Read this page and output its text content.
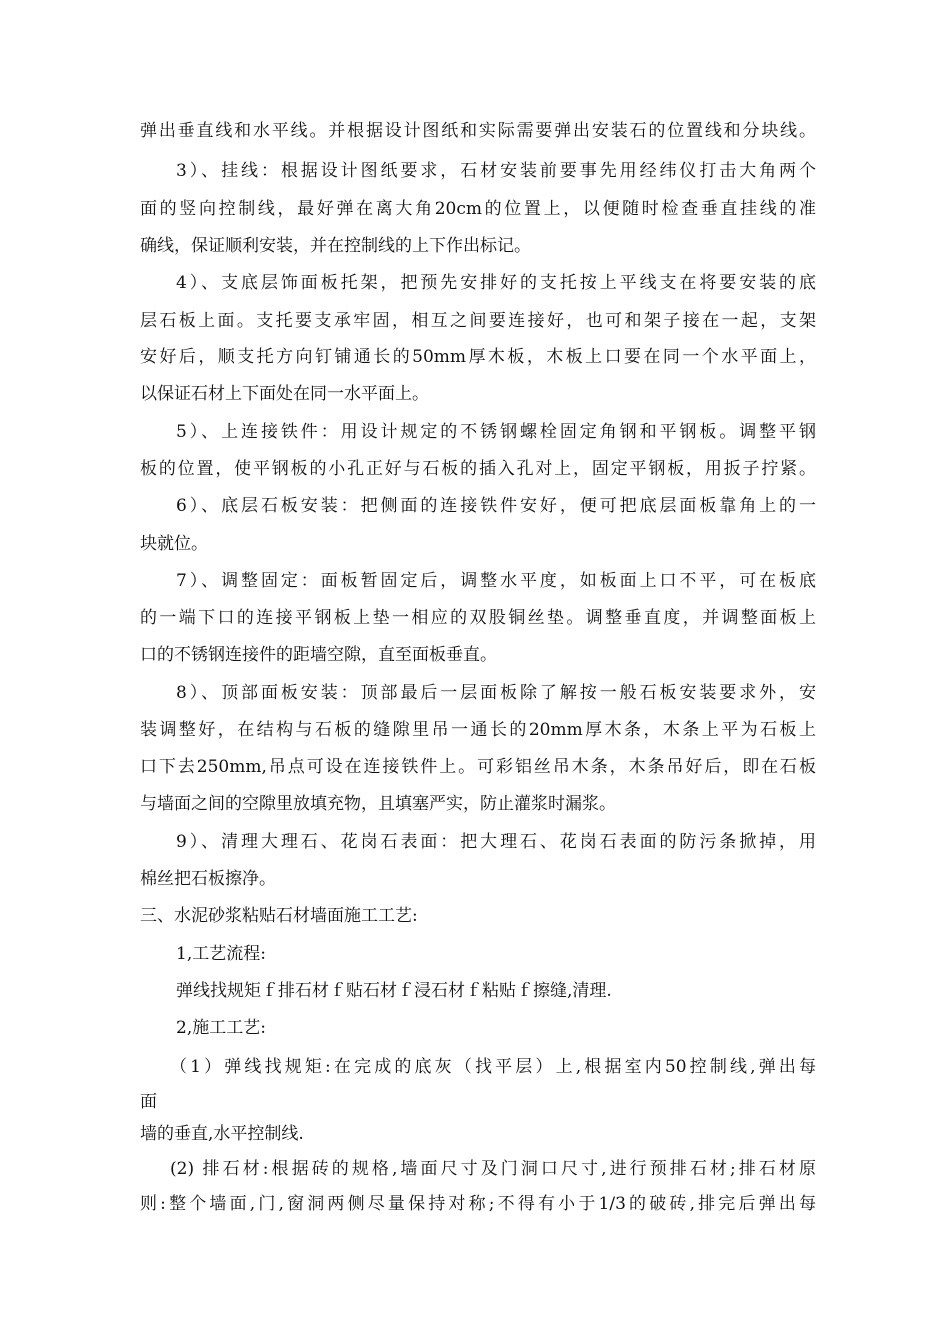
弹出垂直线和水平线。并根据设计图纸和实际需要弹出安装石的位置线和分块线。

3）、挂线：根据设计图纸要求，石材安装前要事先用经纬仪打击大角两个

面的竖向控制线，最好弹在离大角20cm的位置上，以便随时检查垂直挂线的准

确线，保证顺利安装，并在控制线的上下作出标记。

4）、支底层饰面板托架，把预先安排好的支托按上平线支在将要安装的底

层石板上面。支托要支承牢固，相互之间要连接好，也可和架子接在一起，支架

安好后，顺支托方向钉铺通长的50mm厚木板，木板上口要在同一个水平面上，

以保证石材上下面处在同一水平面上。

5）、上连接铁件：用设计规定的不锈钢螺栓固定角钢和平钢板。调整平钢

板的位置，使平钢板的小孔正好与石板的插入孔对上，固定平钢板，用扳子拧紧。

6）、底层石板安装：把侧面的连接铁件安好，便可把底层面板靠角上的一

块就位。

7）、调整固定：面板暂固定后，调整水平度，如板面上口不平，可在板底

的一端下口的连接平钢板上垫一相应的双股铜丝垫。调整垂直度，并调整面板上

口的不锈钢连接件的距墙空隙，直至面板垂直。

8）、顶部面板安装：顶部最后一层面板除了解按一般石板安装要求外，安

装调整好，在结构与石板的缝隙里吊一通长的20mm厚木条，木条上平为石板上

口下去250mm,吊点可设在连接铁件上。可彩铝丝吊木条，木条吊好后，即在石板

与墙面之间的空隙里放填充物，且填塞严实，防止灌浆时漏浆。

9）、清理大理石、花岗石表面：把大理石、花岗石表面的防污条掀掉，用

棉丝把石板擦净。

三、水泥砂浆粘贴石材墙面施工工艺:

1,工艺流程:

弹线找规矩ｆ排石材ｆ贴石材ｆ浸石材ｆ粘贴ｆ擦缝,清理.

2,施工工艺:

（1）弹线找规矩:在完成的底灰（找平层）上,根据室内50控制线,弹出每

面

墙的垂直,水平控制线.

(2) 排石材:根据砖的规格,墙面尺寸及门洞口尺寸,进行预排石材;排石材原

则:整个墙面,门,窗洞两侧尽量保持对称;不得有小于1/3的破砖,排完后弹出每
